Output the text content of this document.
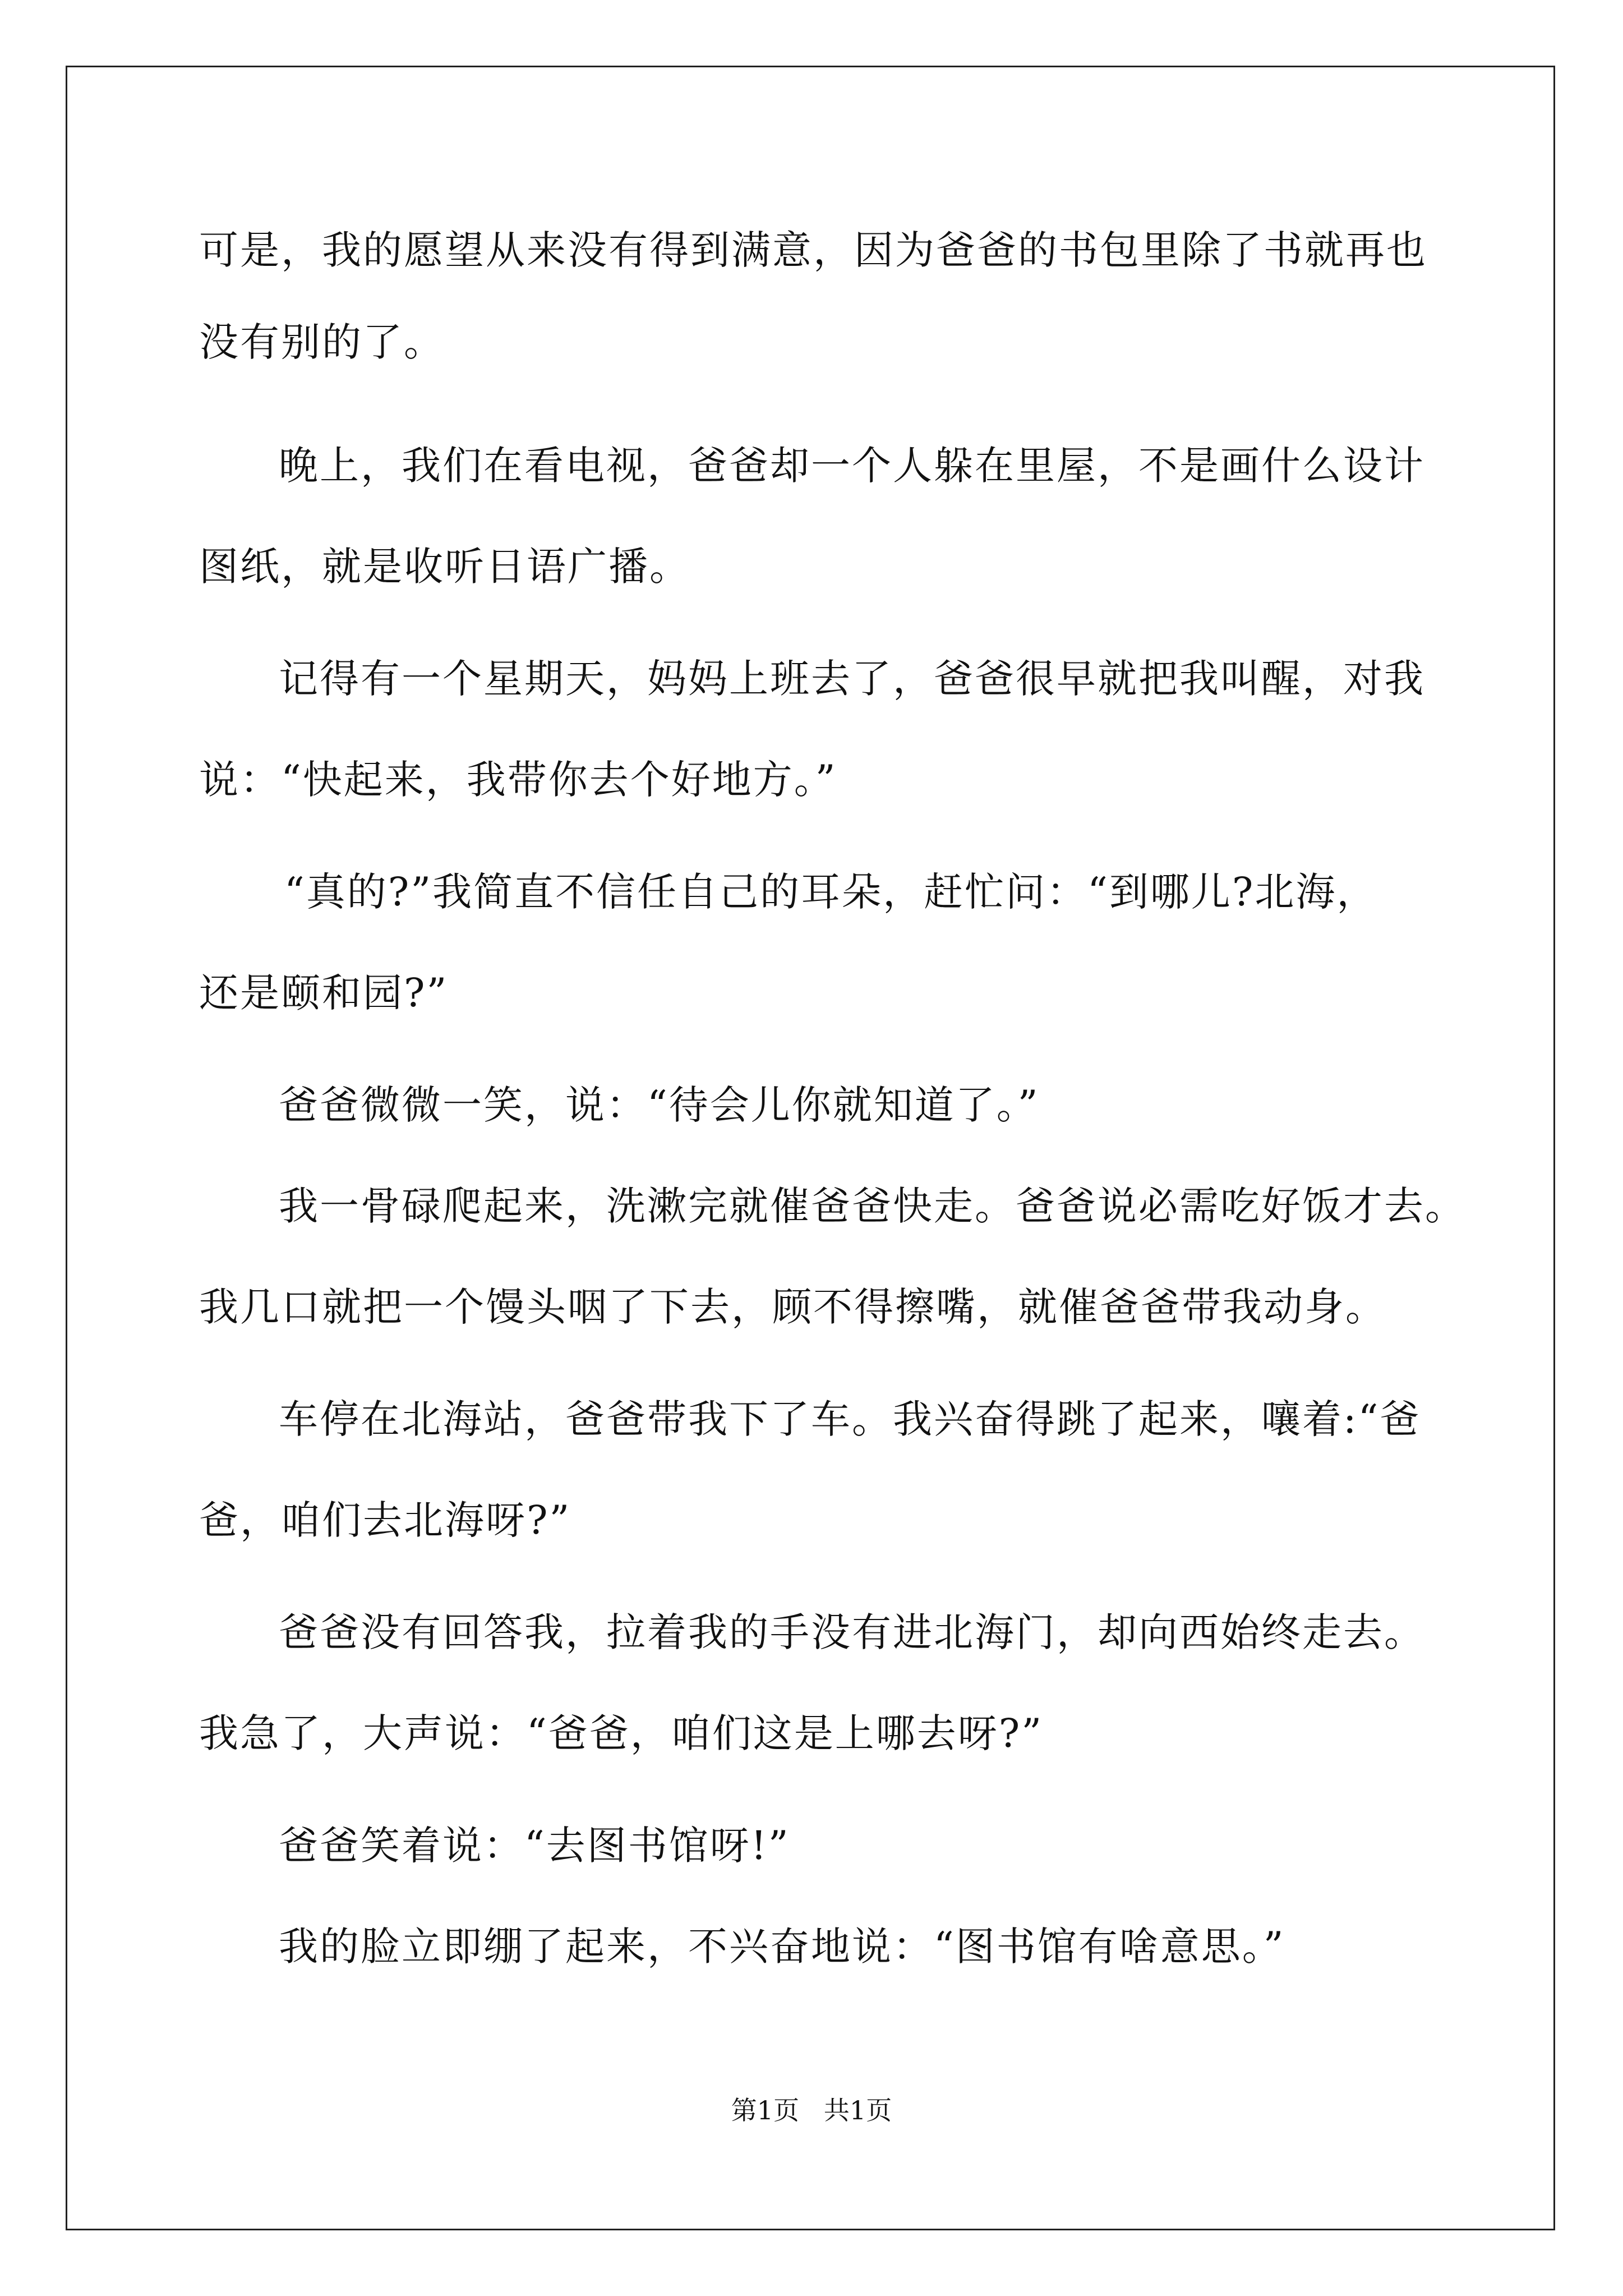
可是，我的愿望从来没有得到满意，因为爸爸的书包里除了书就再也
没有别的了。
晚上，我们在看电视，爸爸却一个人躲在里屋，不是画什么设计
图纸，就是收听日语广播。
记得有一个星期天，妈妈上班去了，爸爸很早就把我叫醒，对我
说：“快起来，我带你去个好地方。”
“真的?”我简直不信任自己的耳朵，赶忙问：“到哪儿?北海，
还是颐和园?”
爸爸微微一笑，说：“待会儿你就知道了。”
我一骨碌爬起来，洗漱完就催爸爸快走。爸爸说必需吃好饭才去。
我几口就把一个馒头咽了下去，顾不得擦嘴，就催爸爸带我动身。
车停在北海站，爸爸带我下了车。我兴奋得跳了起来，嚷着:“爸
爸，咱们去北海呀?”
爸爸没有回答我，拉着我的手没有进北海门，却向西始终走去。
我急了，大声说：“爸爸，咱们这是上哪去呀?”
爸爸笑着说：“去图书馆呀!”
我的脸立即绷了起来，不兴奋地说：“图书馆有啥意思。”
第1页   共1页
